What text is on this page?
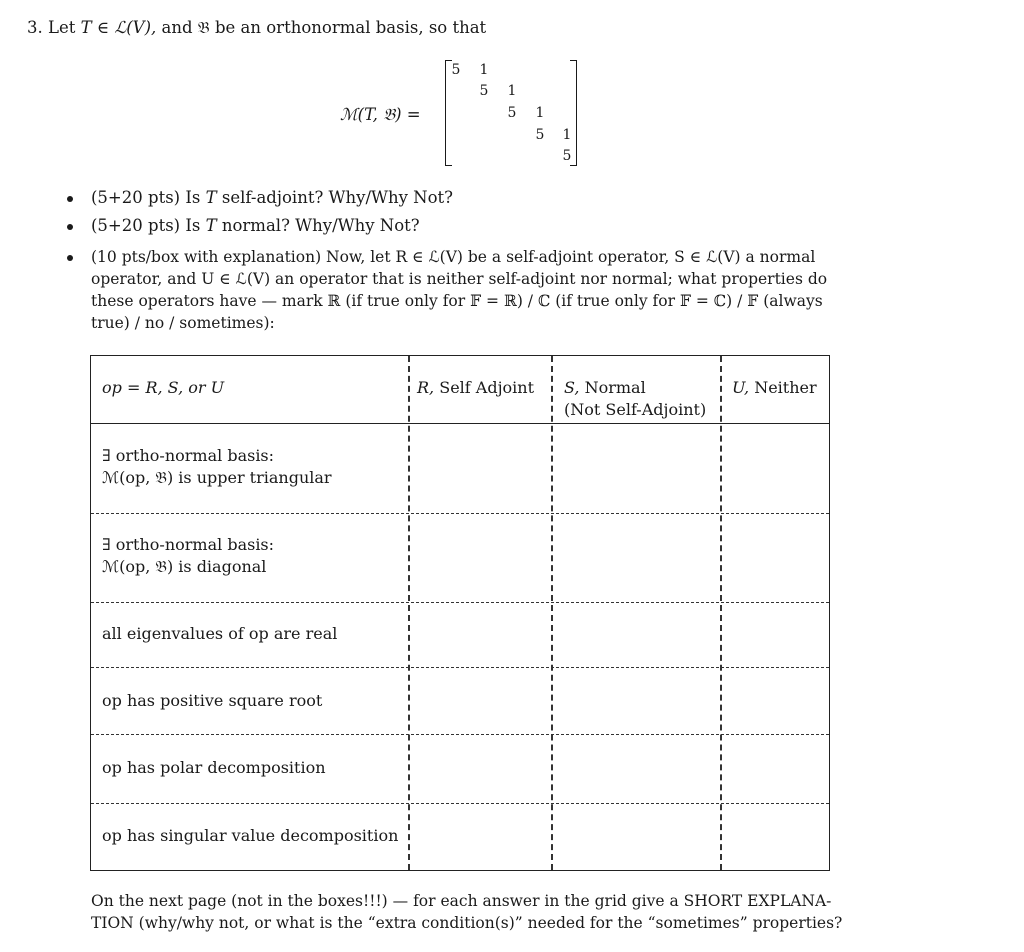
3. Let T ∈ ℒ(V), and 𝔅 be an orthonormal basis, so that
ℳ(T, 𝔅) =
5 1
5 1
5 1
5 1
5
(5+20 pts) Is T self-adjoint? Why/Why Not?
(5+20 pts) Is T normal? Why/Why Not?
(10 pts/box with explanation) Now, let R ∈ ℒ(V) be a self-adjoint operator, S ∈ ℒ(V) a normal
operator, and U ∈ ℒ(V) an operator that is neither self-adjoint nor normal; what properties do
these operators have — mark ℝ (if true only for 𝔽 = ℝ) / ℂ (if true only for 𝔽 = ℂ) / 𝔽 (always
true) / no / sometimes):
op = R, S, or U	R, Self Adjoint S, Normal
(Not Self-Adjoint)
U, Neither
∃ ortho-normal basis:
ℳ(op, 𝔅) is upper triangular
∃ ortho-normal basis:
ℳ(op, 𝔅) is diagonal
all eigenvalues of op are real
op has positive square root
op has polar decomposition
op has singular value decomposition
On the next page (not in the boxes!!!) — for each answer in the grid give a SHORT EXPLANA-
TION (why/why not, or what is the “extra condition(s)” needed for the “sometimes” properties?
